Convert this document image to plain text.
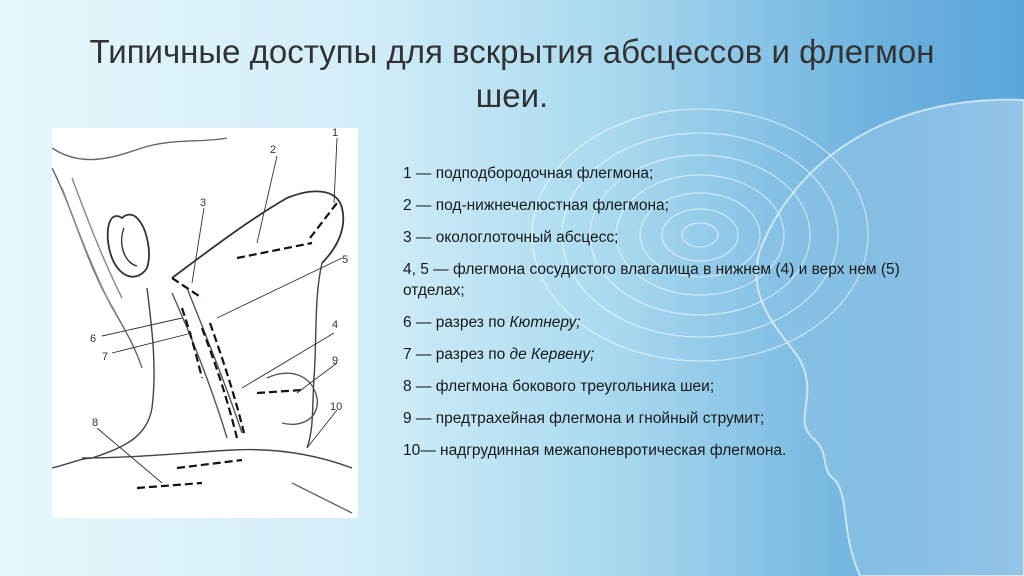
Типичные доступы для вскрытия абсцессов и флегмон шеи.
1
2
3
4
5
6
7
8
9
10
1 — подподбородочная флегмона;
2 — под-нижнечелюстная флегмона;
3 — окологлоточный абсцесс;
4, 5 — флегмона сосудистого влагалища в нижнем (4) и верх нем (5) отделах;
6 — разрез по Кютнеру;
7 — разрез по де Кервену;
8 — флегмона бокового треугольника шеи;
9 — предтрахейная флегмона и гнойный струмит;
10— надгрудинная межапоневротическая флегмона.
